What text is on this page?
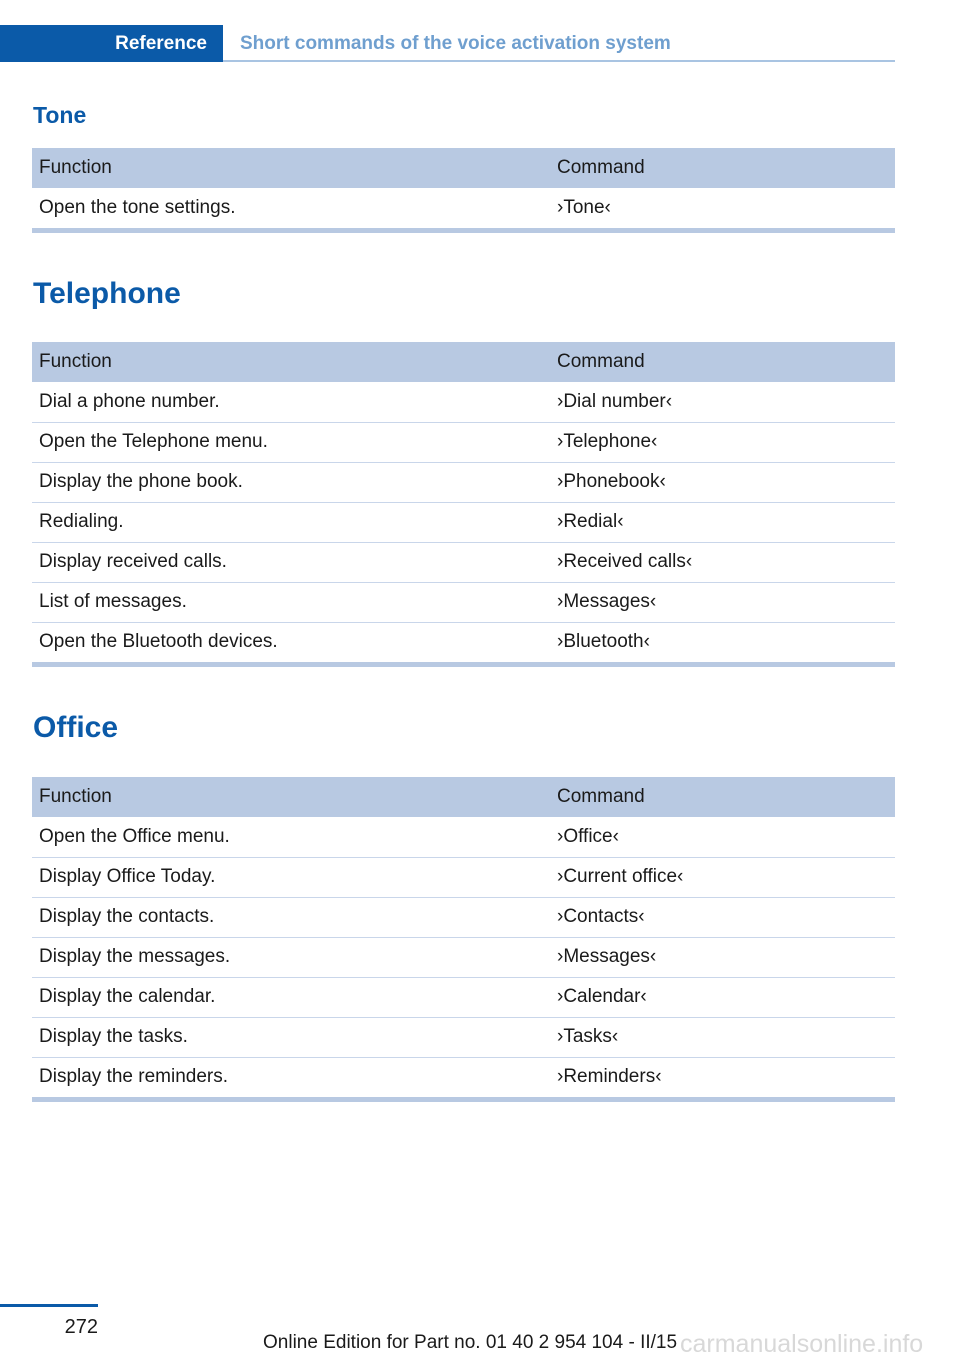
Reference	Short commands of the voice activation system
Tone
Function	Command
Open the tone settings.	›Tone‹
Telephone
Function	Command
Dial a phone number.	›Dial number‹
Open the Telephone menu.	›Telephone‹
Display the phone book.	›Phonebook‹
Redialing.	›Redial‹
Display received calls.	›Received calls‹
List of messages.	›Messages‹
Open the Bluetooth devices.	›Bluetooth‹
Office
Function	Command
Open the Office menu.	›Office‹
Display Office Today.	›Current office‹
Display the contacts.	›Contacts‹
Display the messages.	›Messages‹
Display the calendar.	›Calendar‹
Display the tasks.	›Tasks‹
Display the reminders.	›Reminders‹
272
Online Edition for Part no. 01 40 2 954 104 - II/15 carmanualsonline.info
